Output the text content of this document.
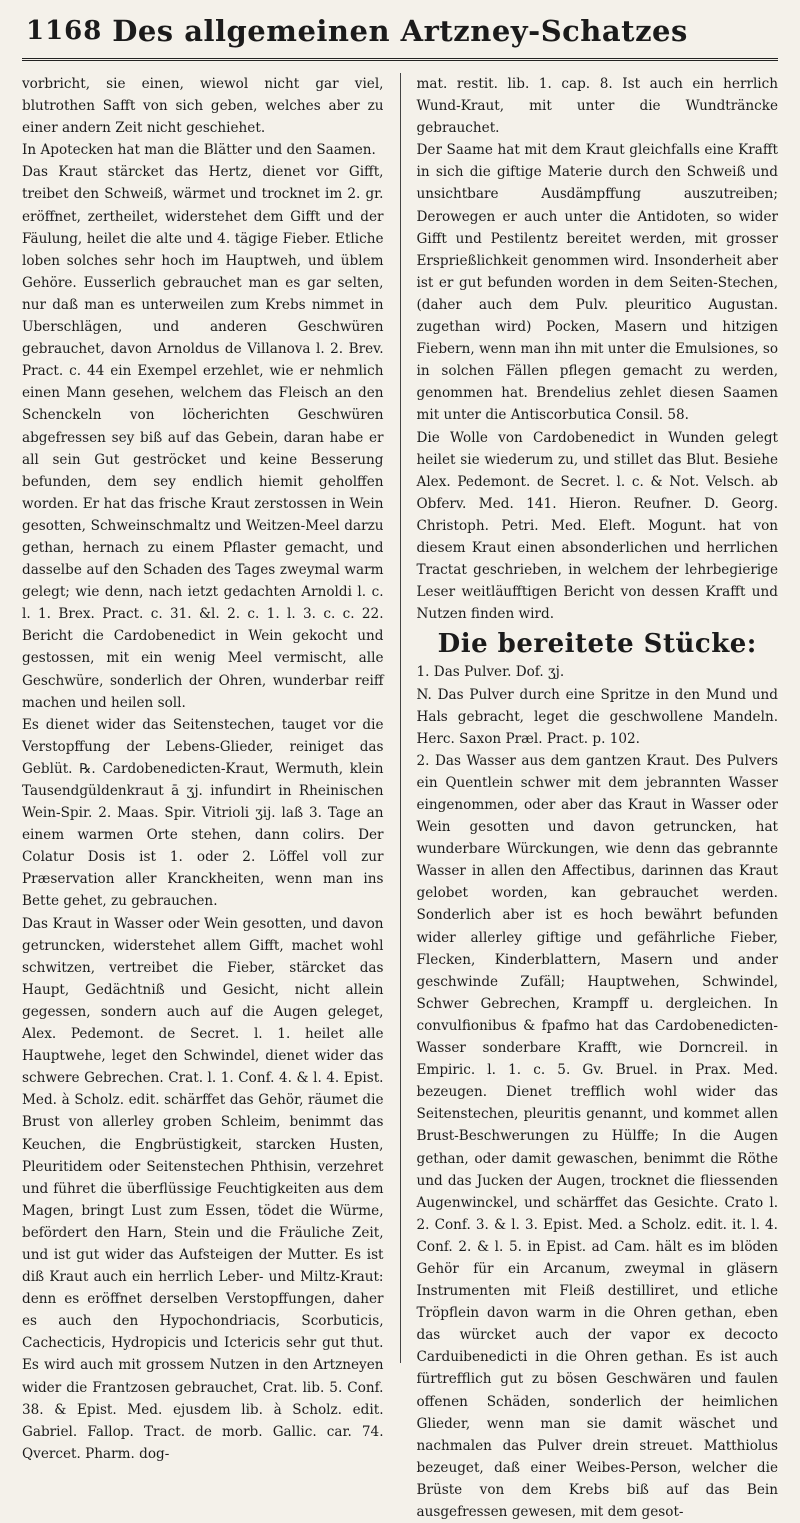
1168 Des allgemeinen Artzney-Schatzes

vorbricht, sie einen, wiewol nicht gar viel, blutrothen Safft von sich geben, welches aber zu einer andern Zeit nicht geschiehet.

In Apotecken hat man die Blätter und den Saamen.

Das Kraut stärcket das Hertz, dienet vor Gifft, treibet den Schweiß, wärmet und trocknet im 2. gr. eröffnet, zertheilet, widerstehet dem Gifft und der Fäulung, heilet die alte und 4. tägige Fieber. Etliche loben solches sehr hoch im Hauptweh, und üblem Gehöre. Eusserlich gebrauchet man es gar selten, nur daß man es unterweilen zum Krebs nimmet in Uberschlägen, und anderen Geschwüren gebrauchet, davon Arnoldus de Villanova l. 2. Brev. Pract. c. 44 ein Exempel erzehlet, wie er nehmlich einen Mann gesehen, welchem das Fleisch an den Schenckeln von löcherichten Geschwüren abgefressen sey biß auf das Gebein, daran habe er all sein Gut geströcket und keine Besserung befunden, dem sey endlich hiemit geholffen worden. Er hat das frische Kraut zerstossen in Wein gesotten, Schweinschmaltz und Weitzen-Meel darzu gethan, hernach zu einem Pflaster gemacht, und dasselbe auf den Schaden des Tages zweymal warm gelegt; wie denn, nach ietzt gedachten Arnoldi l. c. l. 1. Brex. Pract. c. 31. &l. 2. c. 1. l. 3. c. c. 22. Bericht die Cardobenedict in Wein gekocht und gestossen, mit ein wenig Meel vermischt, alle Geschwüre, sonderlich der Ohren, wunderbar reiff machen und heilen soll.

Es dienet wider das Seitenstechen, tauget vor die Verstopffung der Lebens-Glieder, reiniget das Geblüt. ℞. Cardobenedicten-Kraut, Wermuth, klein Tausendgüldenkraut ā ʒj. infundirt in Rheinischen Wein-Spir. 2. Maas. Spir. Vitrioli ʒij. laß 3. Tage an einem warmen Orte stehen, dann colirs. Der Colatur Dosis ist 1. oder 2. Löffel voll zur Præservation aller Kranckheiten, wenn man ins Bette gehet, zu gebrauchen.

Das Kraut in Wasser oder Wein gesotten, und davon getruncken, widerstehet allem Gifft, machet wohl schwitzen, vertreibet die Fieber, stärcket das Haupt, Gedächtniß und Gesicht, nicht allein gegessen, sondern auch auf die Augen geleget, Alex. Pedemont. de Secret. l. 1. heilet alle Hauptwehe, leget den Schwindel, dienet wider das schwere Gebrechen. Crat. l. 1. Conf. 4. & l. 4. Epist. Med. à Scholz. edit. schärffet das Gehör, räumet die Brust von allerley groben Schleim, benimmt das Keuchen, die Engbrüstigkeit, starcken Husten, Pleuritidem oder Seitenstechen Phthisin, verzehret und führet die überflüssige Feuchtigkeiten aus dem Magen, bringt Lust zum Essen, tödet die Würme, befördert den Harn, Stein und die Fräuliche Zeit, und ist gut wider das Aufsteigen der Mutter. Es ist diß Kraut auch ein herrlich Leber- und Miltz-Kraut: denn es eröffnet derselben Verstopffungen, daher es auch den Hypochondriacis, Scorbuticis, Cachecticis, Hydropicis und Ictericis sehr gut thut. Es wird auch mit grossem Nutzen in den Artzneyen wider die Frantzosen gebrauchet, Crat. lib. 5. Conf. 38. & Epist. Med. ejusdem lib. à Scholz. edit. Gabriel. Fallop. Tract. de morb. Gallic. car. 74. Qvercet. Pharm. dog-

mat. restit. lib. 1. cap. 8. Ist auch ein herrlich Wund-Kraut, mit unter die Wundträncke gebrauchet.

Der Saame hat mit dem Kraut gleichfalls eine Krafft in sich die giftige Materie durch den Schweiß und unsichtbare Ausdämpffung auszutreiben; Derowegen er auch unter die Antidoten, so wider Gifft und Pestilentz bereitet werden, mit grosser Ersprießlichkeit genommen wird. Insonderheit aber ist er gut befunden worden in dem Seiten-Stechen, (daher auch dem Pulv. pleuritico Augustan. zugethan wird) Pocken, Masern und hitzigen Fiebern, wenn man ihn mit unter die Emulsiones, so in solchen Fällen pflegen gemacht zu werden, genommen hat. Brendelius zehlet diesen Saamen mit unter die Antiscorbutica Consil. 58.

Die Wolle von Cardobenedict in Wunden gelegt heilet sie wiederum zu, und stillet das Blut. Besiehe Alex. Pedemont. de Secret. l. c. & Not. Velsch. ab Obferv. Med. 141. Hieron. Reufner. D. Georg. Christoph. Petri. Med. Eleft. Mogunt. hat von diesem Kraut einen absonderlichen und herrlichen Tractat geschrieben, in welchem der lehrbegierige Leser weitläufftigen Bericht von dessen Krafft und Nutzen finden wird.

Die bereitete Stücke:

1. Das Pulver. Dof. ʒj.

N. Das Pulver durch eine Spritze in den Mund und Hals gebracht, leget die geschwollene Mandeln. Herc. Saxon Præl. Pract. p. 102.

2. Das Wasser aus dem gantzen Kraut. Des Pulvers ein Quentlein schwer mit dem jebrannten Wasser eingenommen, oder aber das Kraut in Wasser oder Wein gesotten und davon getruncken, hat wunderbare Würckungen, wie denn das gebrannte Wasser in allen den Affectibus, darinnen das Kraut gelobet worden, kan gebrauchet werden. Sonderlich aber ist es hoch bewährt befunden wider allerley giftige und gefährliche Fieber, Flecken, Kinderblattern, Masern und ander geschwinde Zufäll; Hauptwehen, Schwindel, Schwer Gebrechen, Krampff u. dergleichen. In convulfionibus & fpafmo hat das Cardobenedicten-Wasser sonderbare Krafft, wie Dorncreil. in Empiric. l. 1. c. 5. Gv. Bruel. in Prax. Med. bezeugen. Dienet trefflich wohl wider das Seitenstechen, pleuritis genannt, und kommet allen Brust-Beschwerungen zu Hülffe; In die Augen gethan, oder damit gewaschen, benimmt die Röthe und das Jucken der Augen, trocknet die fliessenden Augenwinckel, und schärffet das Gesichte. Crato l. 2. Conf. 3. & l. 3. Epist. Med. a Scholz. edit. it. l. 4. Conf. 2. & l. 5. in Epist. ad Cam. hält es im blöden Gehör für ein Arcanum, zweymal in gläsern Instrumenten mit Fleiß destilliret, und etliche Tröpflein davon warm in die Ohren gethan, eben das würcket auch der vapor ex decocto Carduibenedicti in die Ohren gethan. Es ist auch fürtrefflich gut zu bösen Geschwären und faulen offenen Schäden, sonderlich der heimlichen Glieder, wenn man sie damit wäschet und nachmalen das Pulver drein streuet. Matthiolus bezeuget, daß einer Weibes-Person, welcher die Brüste von dem Krebs biß auf das Bein ausgefressen gewesen, mit dem gesot-
